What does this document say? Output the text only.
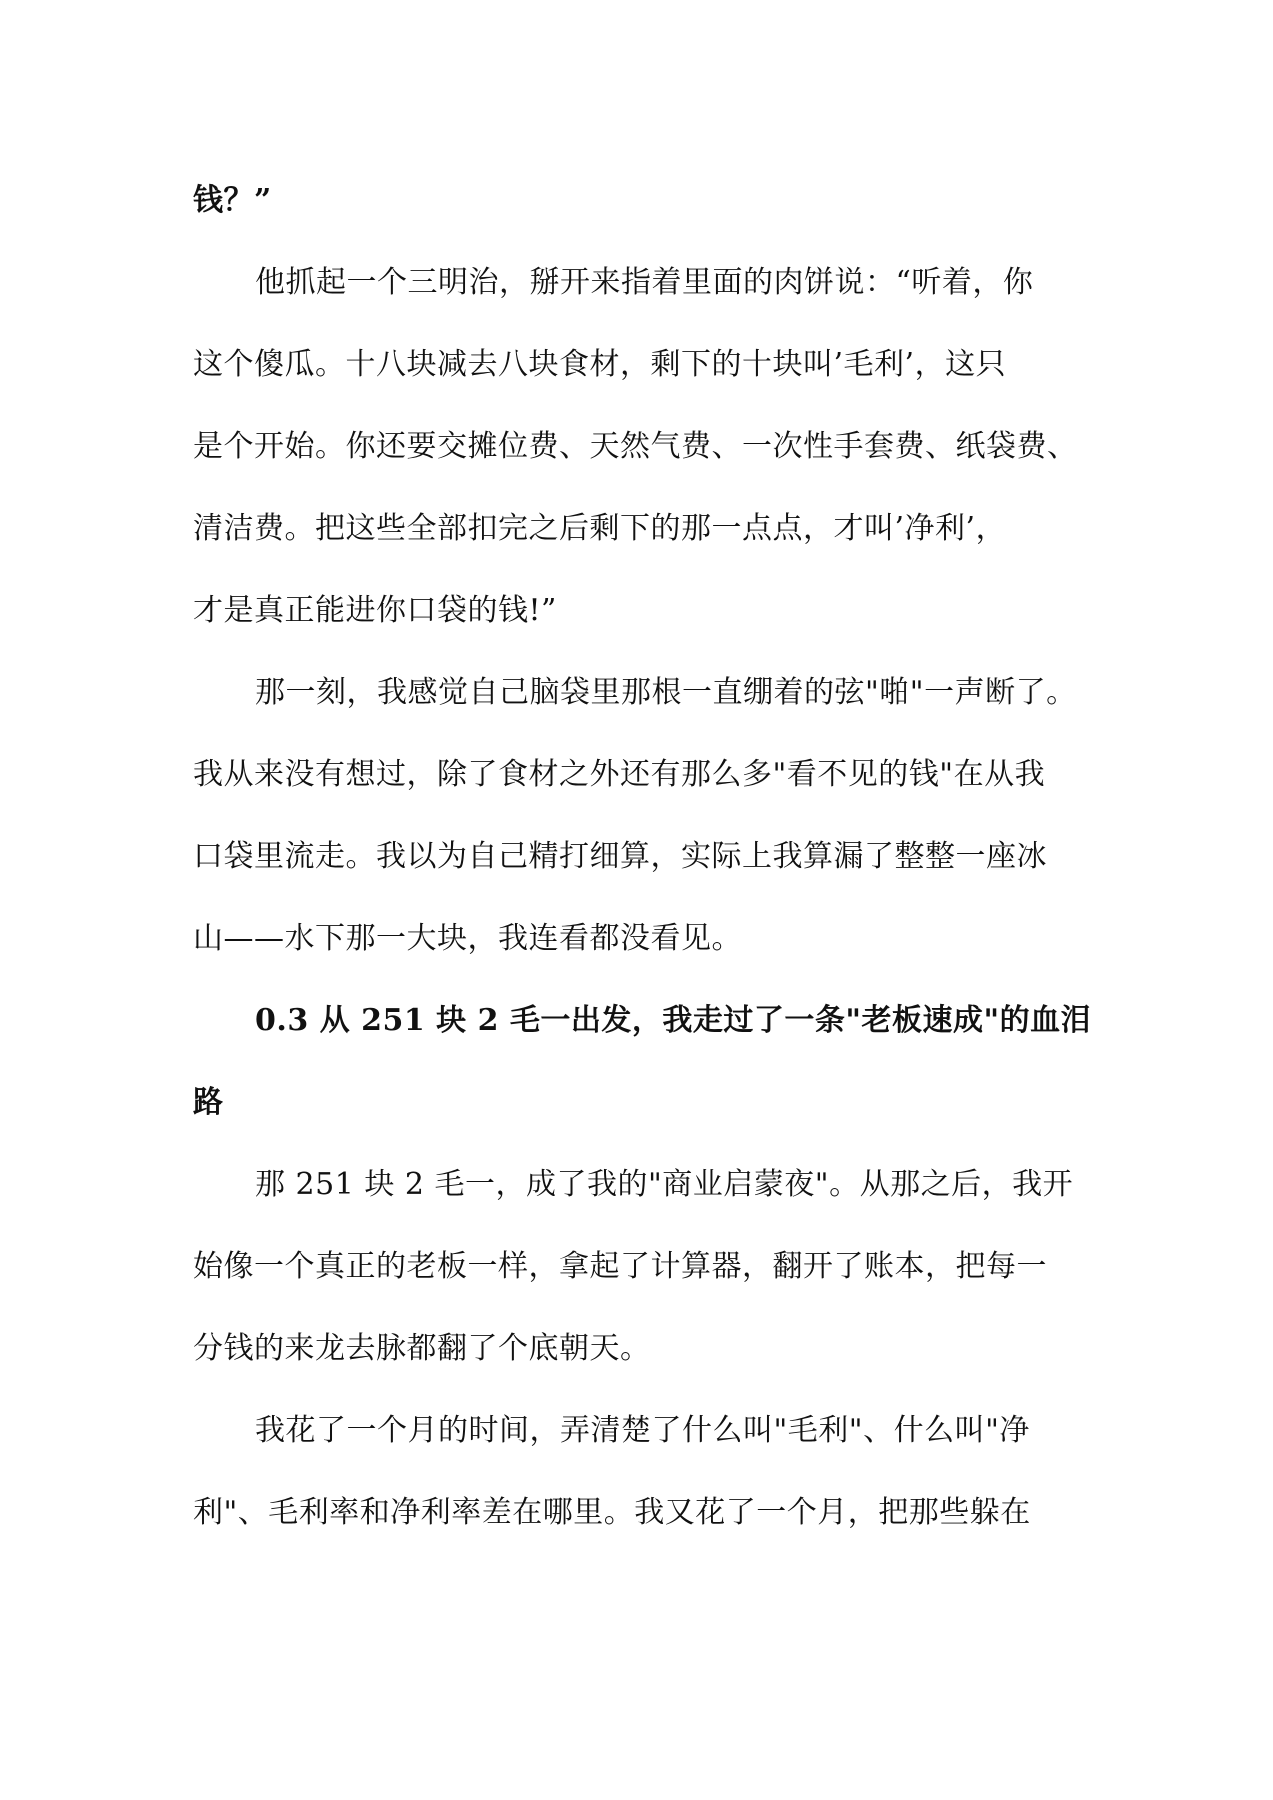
钱？”
他抓起一个三明治，掰开来指着里面的肉饼说：“听着，你
这个傻瓜。十八块减去八块食材，剩下的十块叫’毛利’，这只
是个开始。你还要交摊位费、天然气费、一次性手套费、纸袋费、
清洁费。把这些全部扣完之后剩下的那一点点，才叫’净利’，
才是真正能进你口袋的钱!”
那一刻，我感觉自己脑袋里那根一直绷着的弦"啪"一声断了。
我从来没有想过，除了食材之外还有那么多"看不见的钱"在从我
口袋里流走。我以为自己精打细算，实际上我算漏了整整一座冰
山——水下那一大块，我连看都没看见。
0.3 从 251 块 2 毛一出发，我走过了一条"老板速成"的血泪
路
那 251 块 2 毛一，成了我的"商业启蒙夜"。从那之后，我开
始像一个真正的老板一样，拿起了计算器，翻开了账本，把每一
分钱的来龙去脉都翻了个底朝天。
我花了一个月的时间，弄清楚了什么叫"毛利"、什么叫"净
利"、毛利率和净利率差在哪里。我又花了一个月，把那些躲在
